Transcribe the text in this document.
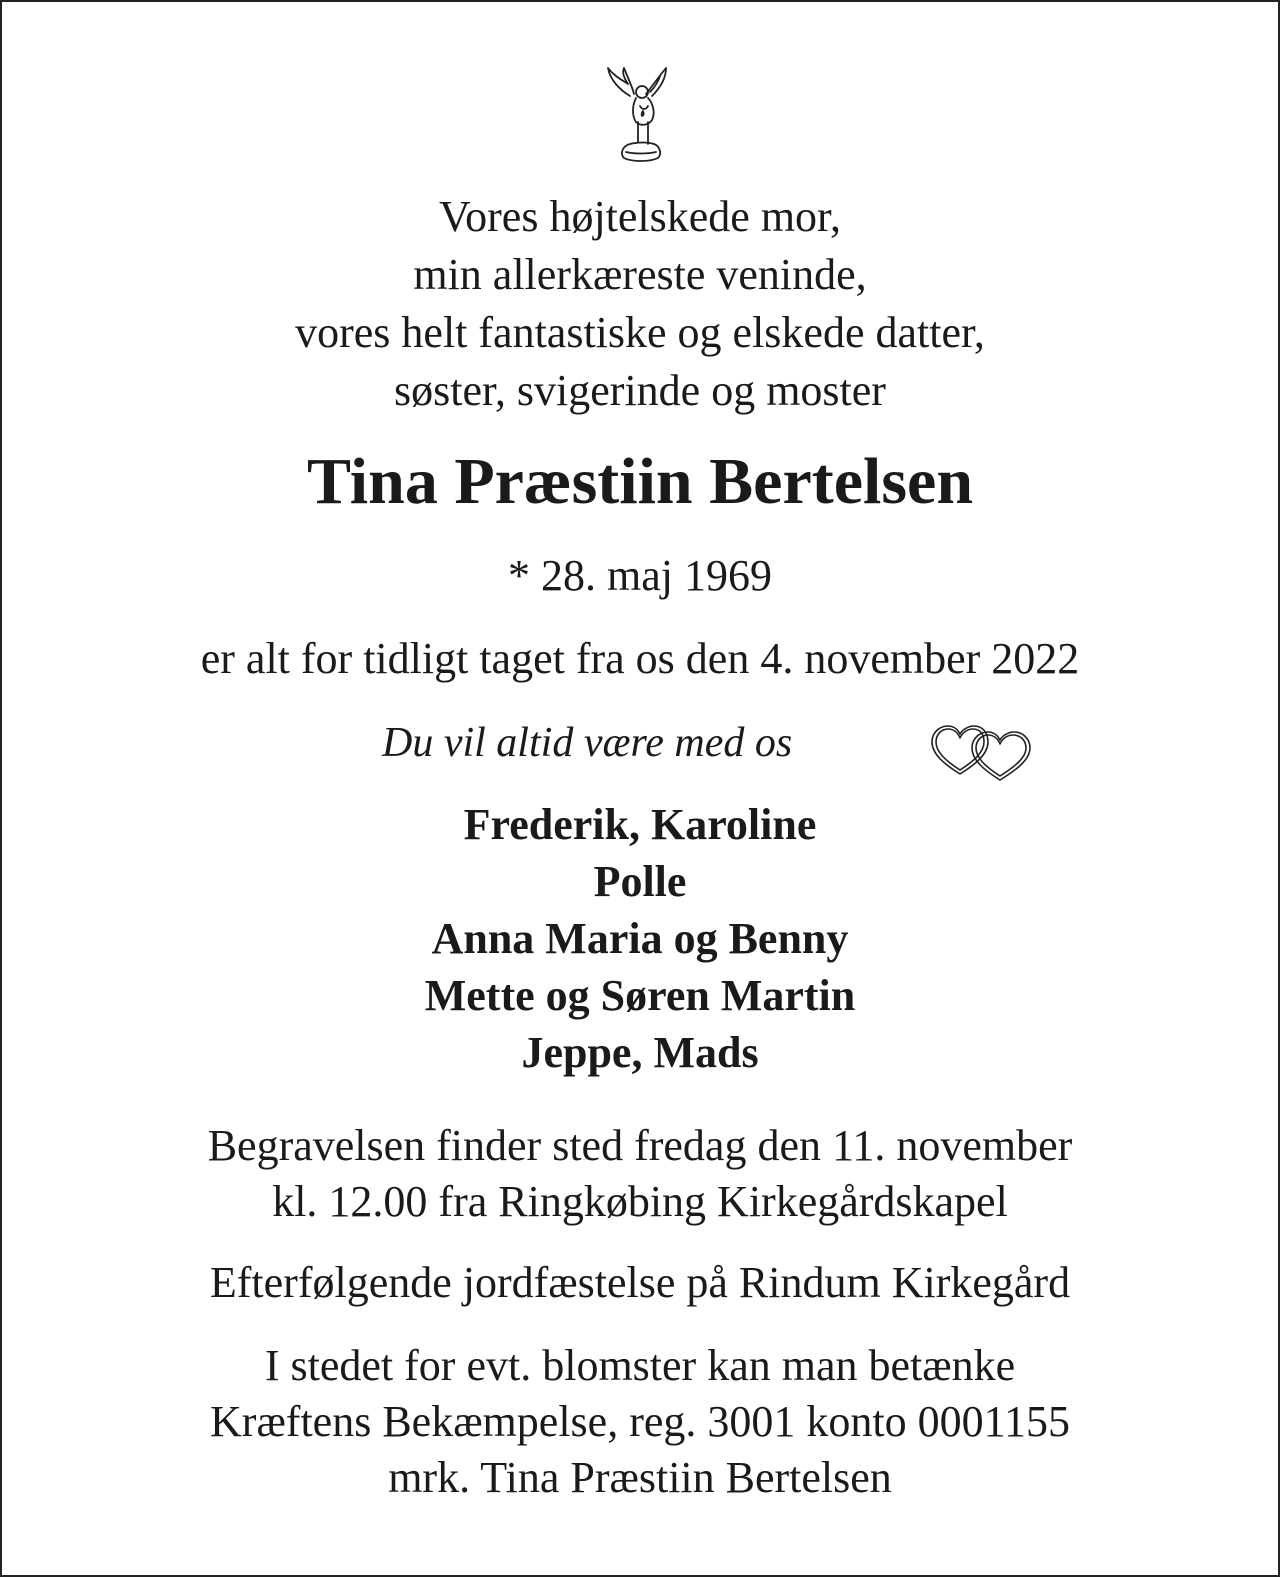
Vores højtelskede mor,
min allerkæreste veninde,
vores helt fantastiske og elskede datter,
søster, svigerinde og moster
Tina Præstiin Bertelsen
* 28. maj 1969
er alt for tidligt taget fra os den 4. november 2022
Du vil altid være med os
Frederik, Karoline
Polle
Anna Maria og Benny
Mette og Søren Martin
Jeppe, Mads
Begravelsen finder sted fredag den 11. november
kl. 12.00 fra Ringkøbing Kirkegårdskapel
Efterfølgende jordfæstelse på Rindum Kirkegård
I stedet for evt. blomster kan man betænke
Kræftens Bekæmpelse, reg. 3001 konto 0001155
mrk. Tina Præstiin Bertelsen
